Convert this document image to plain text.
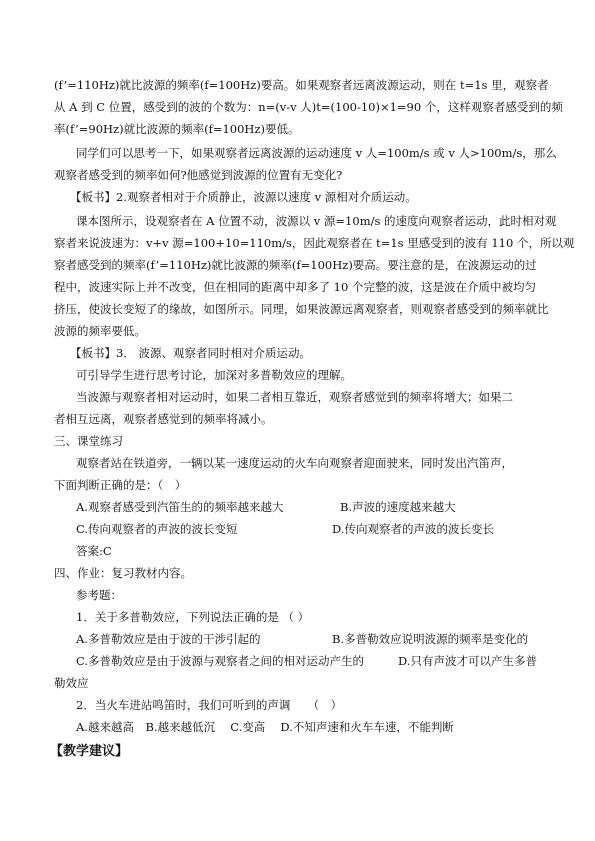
(f’=110Hz)就比波源的频率(f=100Hz)要高。如果观察者远离波源运动，则在 t=1s 里，观察者
从 A 到 C 位置，感受到的波的个数为：n=(v-v 人)t=(100-10)×1=90 个，这样观察者感受到的频
率(f’=90Hz)就比波源的频率(f=100Hz)要低。
同学们可以思考一下，如果观察者远离波源的运动速度 v 人=100m/s 或 v 人>100m/s，那么
观察者感受到的频率如何?他感觉到波源的位置有无变化?
【板书】2.观察者相对于介质静止，波源以速度 v 源相对介质运动。
课本图所示，设观察者在 A 位置不动，波源以 v 源=10m/s 的速度向观察者运动，此时相对观
察者来说波速为：v+v 源=100+10=110m/s，因此观察者在 t=1s 里感受到的波有 110 个，所以观
察者感受到的频率(f’=110Hz)就比波源的频率(f=100Hz)要高。要注意的是，在波源运动的过
程中，波速实际上并不改变，但在相同的距离中却多了 10 个完整的波，这是波在介质中被均匀
挤压，使波长变短了的缘故，如图所示。同理，如果波源远离观察者，则观察者感受到的频率就比
波源的频率要低。
【板书】3． 波源、观察者同时相对介质运动。
可引导学生进行思考讨论，加深对多普勒效应的理解。
当波源与观察者相对运动时，如果二者相互靠近，观察者感觉到的频率将增大；如果二
者相互远离，观察者感觉到的频率将减小。
三、课堂练习
观察者站在铁道旁，一辆以某一速度运动的火车向观察者迎面驶来，同时发出汽笛声，
下面判断正确的是：（　）
A.观察者感受到汽笛生的的频率越来越大	B.声波的速度越来越大
C.传向观察者的声波的波长变短	D.传向观察者的声波的波长变长
答案:C
四、作业：复习教材内容。
参考题：
1．关于多普勒效应，下列说法正确的是 （ ）
A.多普勒效应是由于波的干涉引起的	B.多普勒效应说明波源的频率是变化的
C.多普勒效应是由于波源与观察者之间的相对运动产生的	D.只有声波才可以产生多普
勒效应
2．当火车进站鸣笛时，我们可听到的声调　　（　）
A.越来越高　B.越来越低沉　 C.变高　 D.不知声速和火车车速，不能判断
【教学建议】
